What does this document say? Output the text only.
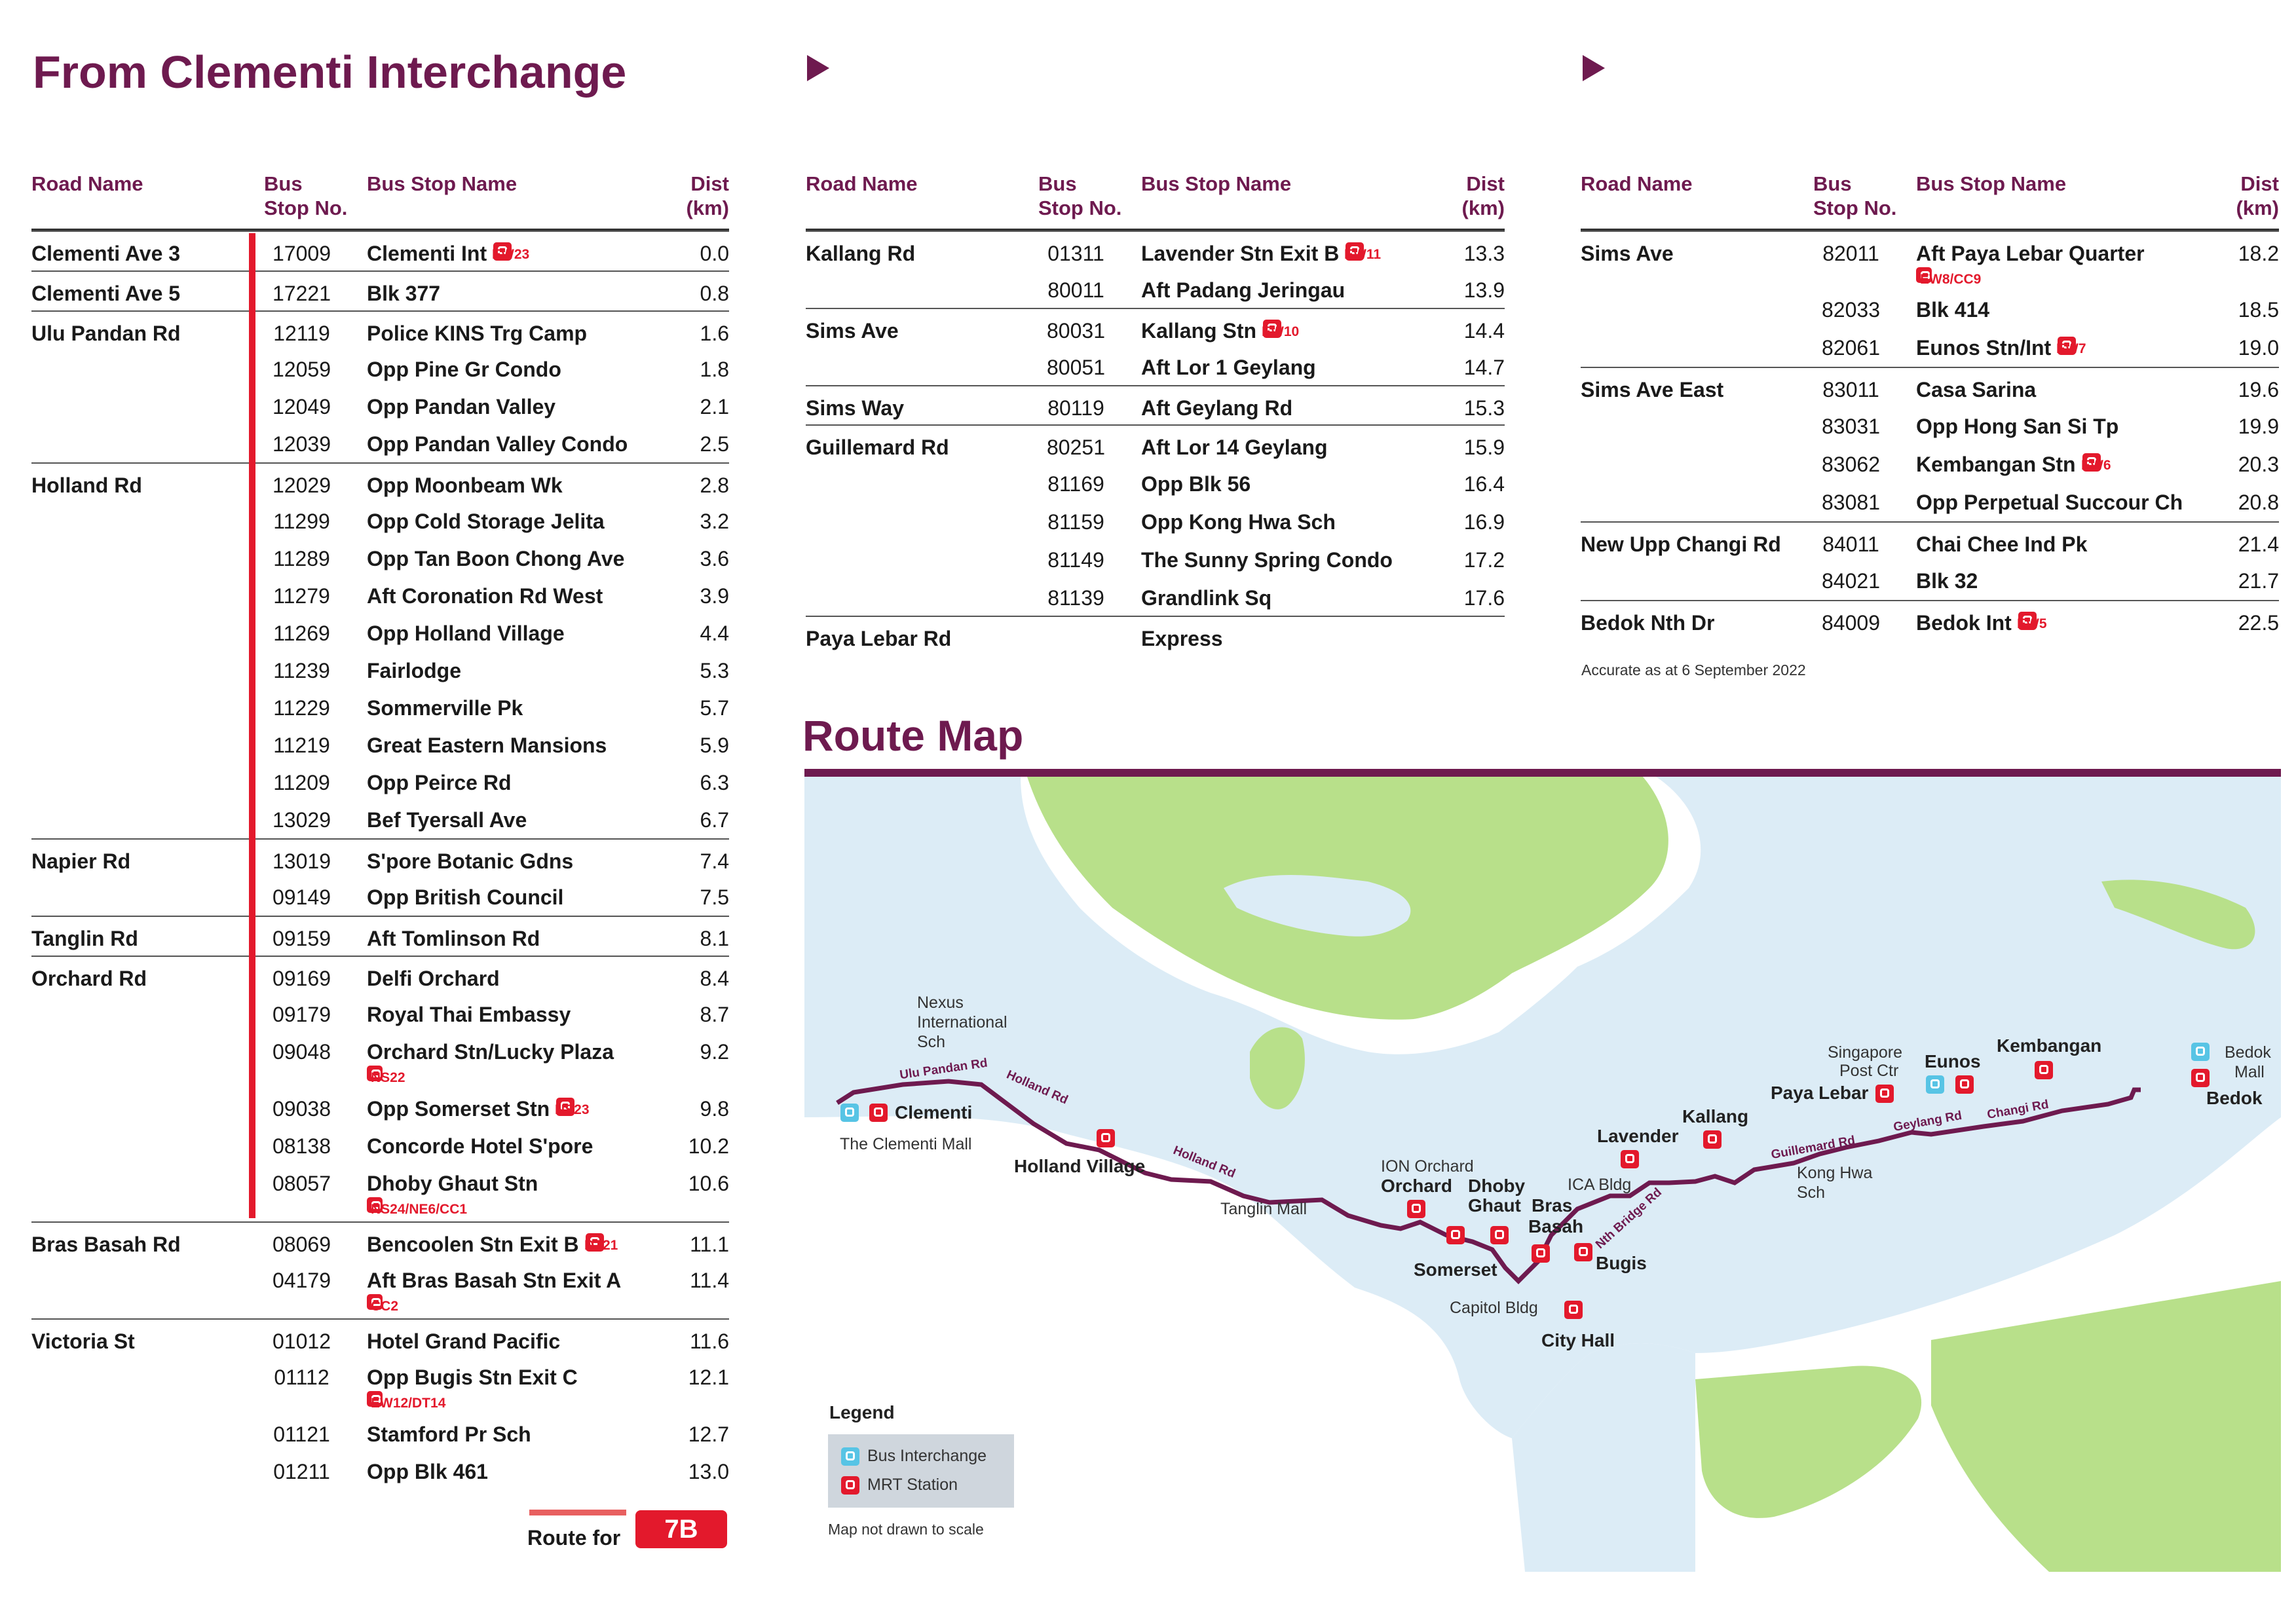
From Clementi Interchange
Road Name	Bus
Stop No.
Bus Stop Name	Dist
(km)
Clementi Ave 3	17009	Clementi Int	0.0
EW23
Clementi Ave 5	17221	Blk 377	0.8
Ulu Pandan Rd	12119	Police KINS Trg Camp	1.6
12059	Opp Pine Gr Condo	1.8
12049	Opp Pandan Valley	2.1
12039	Opp Pandan Valley Condo	2.5
Holland Rd	12029	Opp Moonbeam Wk	2.8
11299	Opp Cold Storage Jelita	3.2
11289	Opp Tan Boon Chong Ave	3.6
11279	Aft Coronation Rd West	3.9
11269	Opp Holland Village	4.4
11239	Fairlodge	5.3
11229	Sommerville Pk	5.7
11219	Great Eastern Mansions	5.9
11209	Opp Peirce Rd	6.3
13029	Bef Tyersall Ave	6.7
Napier Rd	13019	S'pore Botanic Gdns	7.4
09149	Opp British Council	7.5
Tanglin Rd	09159	Aft Tomlinson Rd	8.1
Orchard Rd	09169	Delfi Orchard	8.4
09179	Royal Thai Embassy	8.7
09048	Orchard Stn/Lucky Plaza	9.2
NS22
09038	Opp Somerset Stn	9.8
NS23
08138	Concorde Hotel S'pore	10.2
08057	Dhoby Ghaut Stn	10.6
NS24/NE6/CC1
Bras Basah Rd	08069	Bencoolen Stn Exit B	11.1
DT21
04179	Aft Bras Basah Stn Exit A	11.4
CC2
Victoria St	01012	Hotel Grand Pacific	11.6
01112	Opp Bugis Stn Exit C	12.1
EW12/DT14
01121	Stamford Pr Sch	12.7
01211	Opp Blk 461	13.0
Road Name	Bus
Stop No.
Bus Stop Name	Dist
(km)
Kallang Rd	01311	Lavender Stn Exit B	13.3
EW11
80011	Aft Padang Jeringau	13.9
Sims Ave	80031	Kallang Stn	14.4
EW10
80051	Aft Lor 1 Geylang	14.7
Sims Way	80119	Aft Geylang Rd	15.3
Guillemard Rd	80251	Aft Lor 14 Geylang	15.9
81169	Opp Blk 56	16.4
81159	Opp Kong Hwa Sch	16.9
81149	The Sunny Spring Condo	17.2
81139	Grandlink Sq	17.6
Paya Lebar Rd	Express
Road Name	Bus
Stop No.
Bus Stop Name	Dist
(km)
Sims Ave	82011	Aft Paya Lebar Quarter	18.2
EW8/CC9
82033	Blk 414	18.5
82061	Eunos Stn/Int	19.0
EW7
Sims Ave East	83011	Casa Sarina	19.6
83031	Opp Hong San Si Tp	19.9
83062	Kembangan Stn	20.3
EW6
83081	Opp Perpetual Succour Ch	20.8
New Upp Changi Rd	84011	Chai Chee Ind Pk	21.4
84021	Blk 32	21.7
Bedok Nth Dr	84009	Bedok Int	22.5
EW5
Accurate as at 6 September 2022
Route for	7B
Route Map
Clementi
The Clementi Mall
Nexus
International
Sch
Ulu Pandan Rd Holland Rd
Holland Village Holland Rd
Tanglin Mall
ION Orchard
Orchard Dhoby
Ghaut Bras
Basah
Somerset
Capitol Bldg
City Hall
Bugis
Nth Bridge Rd
ICA Bldg
Lavender
Kallang
Guillemard Rd
Kong Hwa
Sch
Singapore
Post Ctr
Paya Lebar
Eunos
Geylang Rd Changi Rd
Kembangan	Bedok
Mall
Bedok
Legend
Bus Interchange
MRT Station
Map not drawn to scale
